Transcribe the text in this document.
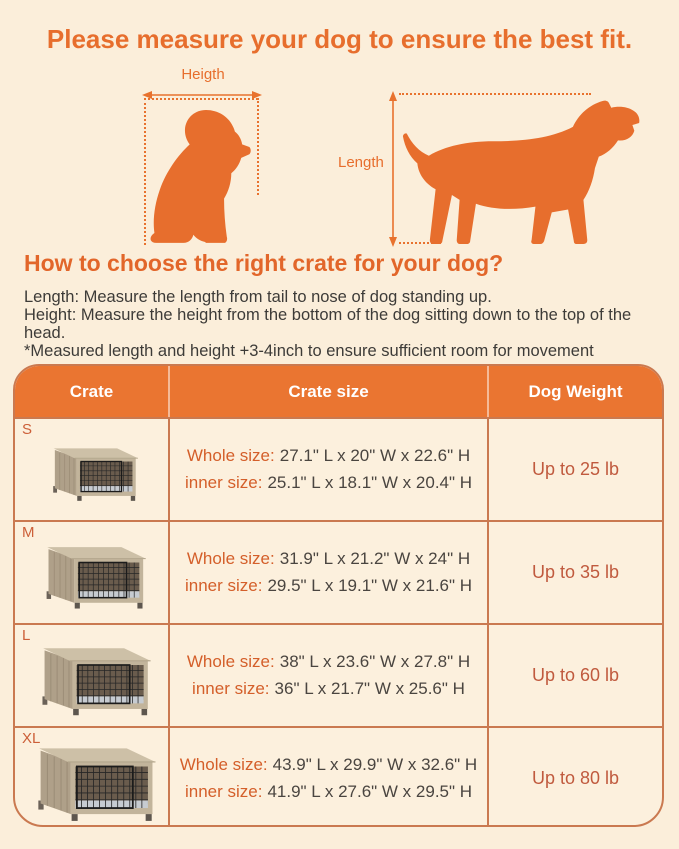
Please measure your dog to ensure the best fit.
Heigth
Length
How to choose the right crate for your dog?

Length: Measure the length from tail to nose of dog standing up.

Height: Measure the height from the bottom of the dog sitting down to the top of the head.

*Measured length and height +3-4inch to ensure sufficient room for movement

Crate	Crate size	Dog Weight
S
Whole size: 27.1" L x 20" W x 22.6" H
inner size: 25.1" L x 18.1" W x 20.4" H
Up to 25 lb
M
Whole size: 31.9" L x 21.2" W x 24" H
inner size: 29.5" L x 19.1" W x 21.6" H
Up to 35 lb
L
Whole size: 38" L x 23.6" W x 27.8" H
inner size: 36" L x 21.7" W x 25.6" H
Up to 60 lb
XL
Whole size: 43.9" L x 29.9" W x 32.6" H
inner size: 41.9" L x 27.6" W x 29.5" H
Up to 80 lb
